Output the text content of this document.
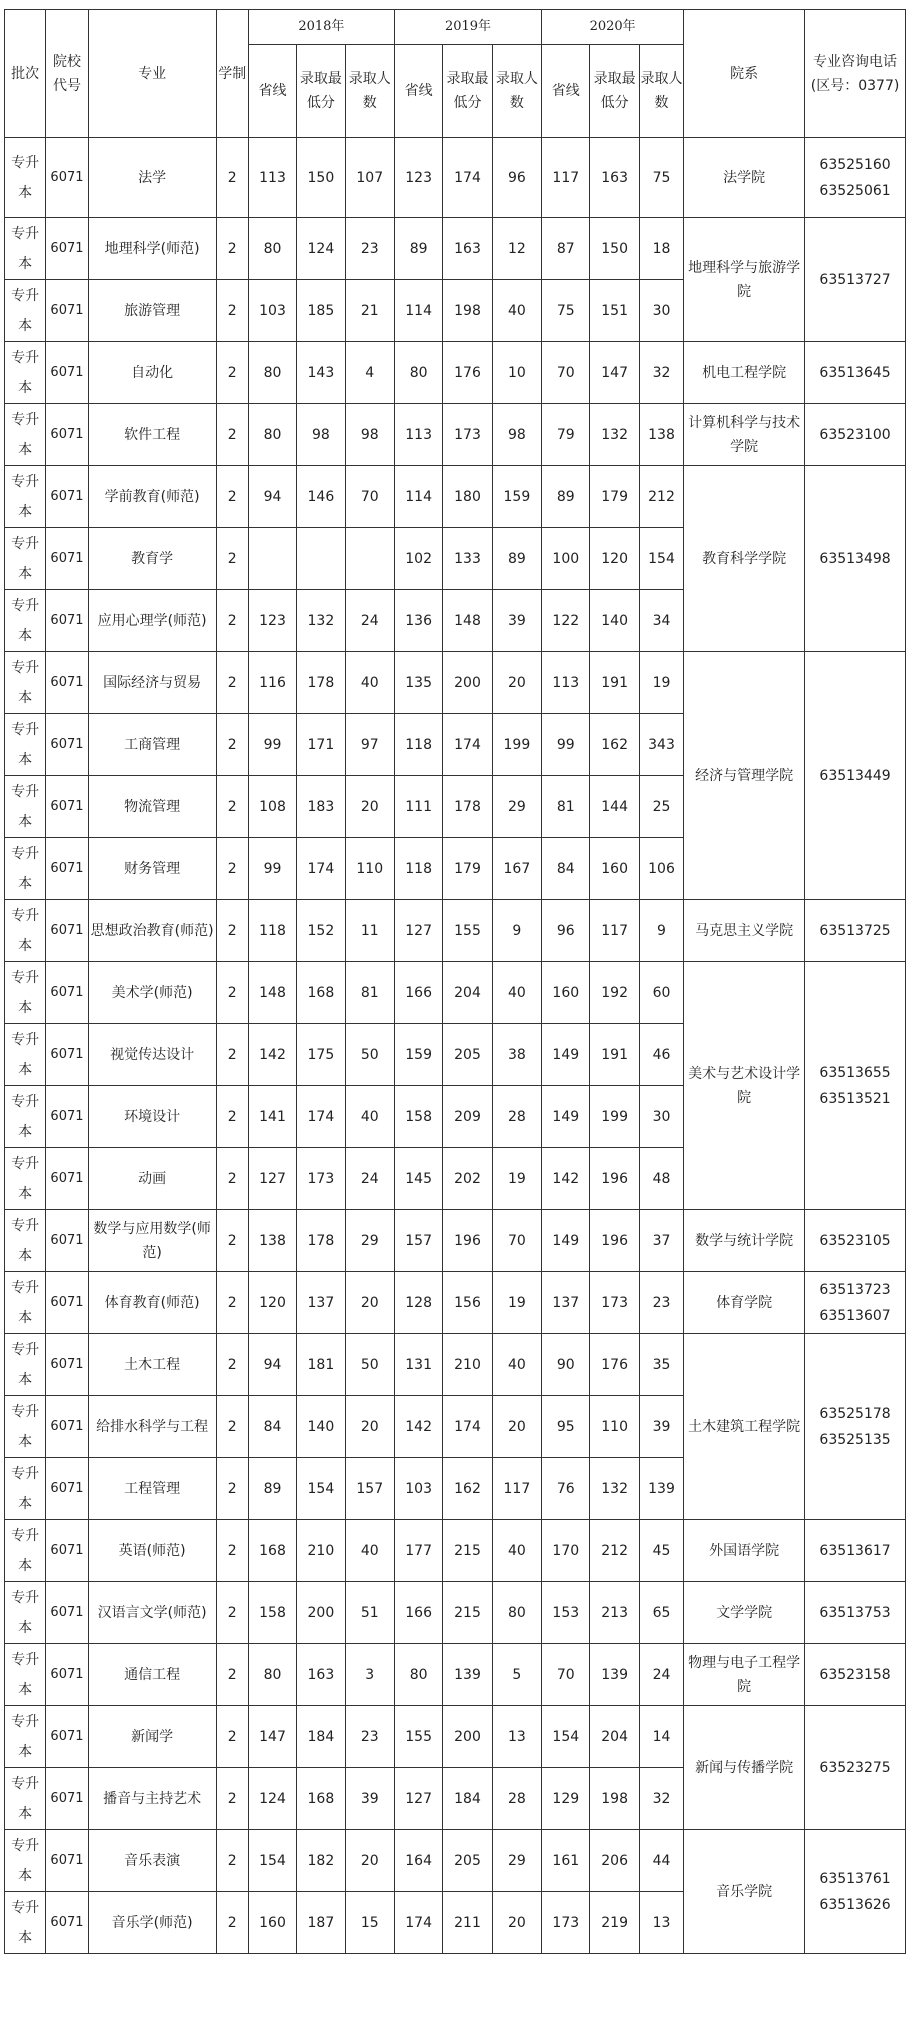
批次	院校代号	专业	学制	2018年			2019年			2020年			院系	专业咨询电话(区号：0377)
				省线	录取最低分	录取人数	省线	录取最低分	录取人数	省线	录取最低分	录取人数		
专升本	6071	法学	2	113	150	107	123	174	96	117	163	75	法学院	63525160
63525061

专升本	6071	地理科学(师范)	2	80	124	23	89	163	12	87	150	18	地理科学与旅游学院	63513727

专升本	6071	旅游管理	2	103	185	21	114	198	40	75	151	30		
专升本	6071	自动化	2	80	143	4	80	176	10	70	147	32	机电工程学院	63513645

专升本	6071	软件工程	2	80	98	98	113	173	98	79	132	138	计算机科学与技术学院	63523100

专升本	6071	学前教育(师范)	2	94	146	70	114	180	159	89	179	212	教育科学学院	63513498

专升本	6071	教育学	2				102	133	89	100	120	154		
专升本	6071	应用心理学(师范)	2	123	132	24	136	148	39	122	140	34		
专升本	6071	国际经济与贸易	2	116	178	40	135	200	20	113	191	19	经济与管理学院	63513449

专升本	6071	工商管理	2	99	171	97	118	174	199	99	162	343		
专升本	6071	物流管理	2	108	183	20	111	178	29	81	144	25		
专升本	6071	财务管理	2	99	174	110	118	179	167	84	160	106		
专升本	6071	思想政治教育(师范)	2	118	152	11	127	155	9	96	117	9	马克思主义学院	63513725

专升本	6071	美术学(师范)	2	148	168	81	166	204	40	160	192	60	美术与艺术设计学院	63513655
63513521

专升本	6071	视觉传达设计	2	142	175	50	159	205	38	149	191	46		
专升本	6071	环境设计	2	141	174	40	158	209	28	149	199	30		
专升本	6071	动画	2	127	173	24	145	202	19	142	196	48		
专升本	6071	数学与应用数学(师范)	2	138	178	29	157	196	70	149	196	37	数学与统计学院	63523105

专升本	6071	体育教育(师范)	2	120	137	20	128	156	19	137	173	23	体育学院	63513723
63513607

专升本	6071	土木工程	2	94	181	50	131	210	40	90	176	35	土木建筑工程学院	63525178
63525135

专升本	6071	给排水科学与工程	2	84	140	20	142	174	20	95	110	39		
专升本	6071	工程管理	2	89	154	157	103	162	117	76	132	139		
专升本	6071	英语(师范)	2	168	210	40	177	215	40	170	212	45	外国语学院	63513617

专升本	6071	汉语言文学(师范)	2	158	200	51	166	215	80	153	213	65	文学学院	63513753

专升本	6071	通信工程	2	80	163	3	80	139	5	70	139	24	物理与电子工程学院	63523158

专升本	6071	新闻学	2	147	184	23	155	200	13	154	204	14	新闻与传播学院	63523275

专升本	6071	播音与主持艺术	2	124	168	39	127	184	28	129	198	32		
专升本	6071	音乐表演	2	154	182	20	164	205	29	161	206	44	音乐学院	63513761
63513626

专升本	6071	音乐学(师范)	2	160	187	15	174	211	20	173	219	13		
